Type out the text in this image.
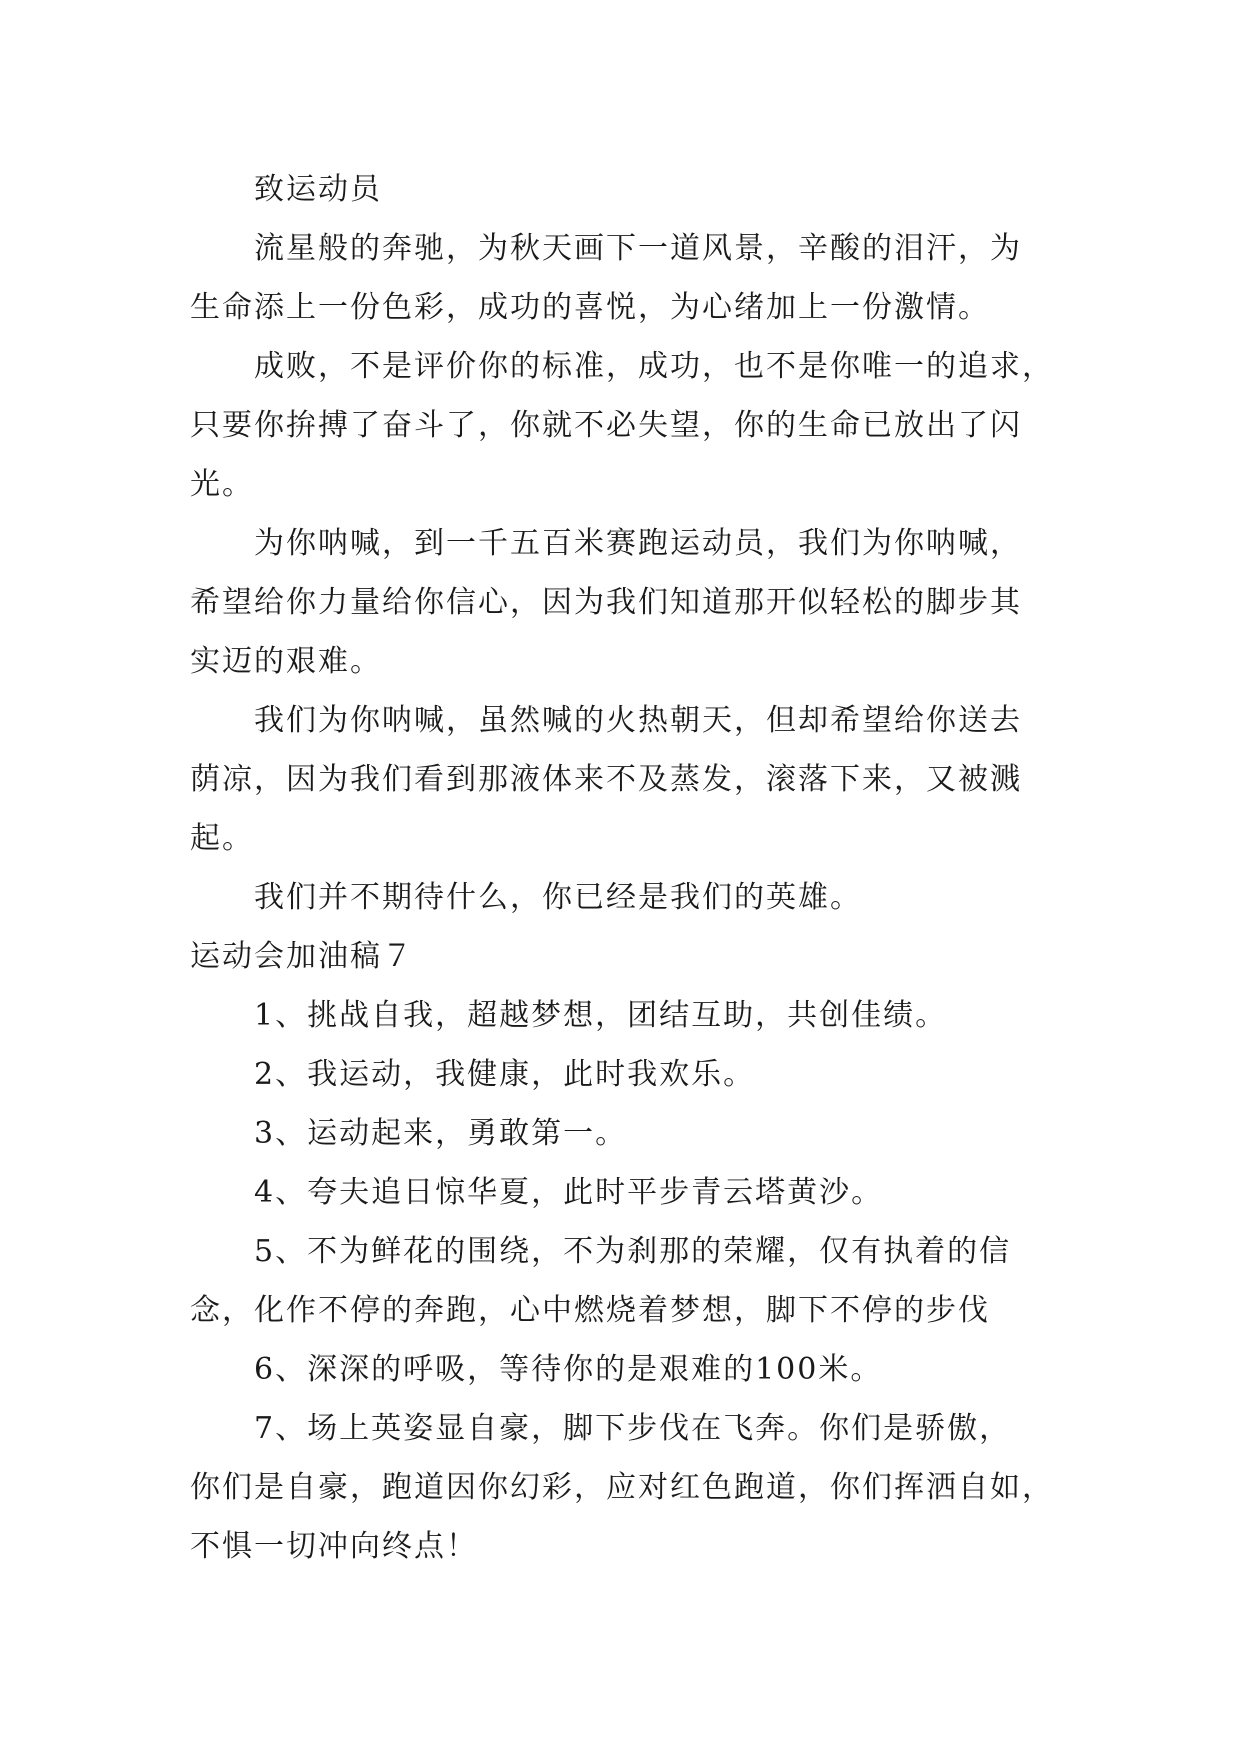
致运动员
流星般的奔驰，为秋天画下一道风景，辛酸的泪汗，为
生命添上一份色彩，成功的喜悦，为心绪加上一份激情。
成败，不是评价你的标准，成功，也不是你唯一的追求，
只要你拚搏了奋斗了，你就不必失望，你的生命已放出了闪
光。
为你呐喊，到一千五百米赛跑运动员，我们为你呐喊，
希望给你力量给你信心，因为我们知道那开似轻松的脚步其
实迈的艰难。
我们为你呐喊，虽然喊的火热朝天，但却希望给你送去
荫凉，因为我们看到那液体来不及蒸发，滚落下来，又被溅
起。
我们并不期待什么，你已经是我们的英雄。
运动会加油稿７
1、挑战自我，超越梦想，团结互助，共创佳绩。
2、我运动，我健康，此时我欢乐。
3、运动起来，勇敢第一。
4、夸夫追日惊华夏，此时平步青云塔黄沙。
5、不为鲜花的围绕，不为刹那的荣耀，仅有执着的信
念，化作不停的奔跑，心中燃烧着梦想，脚下不停的步伐
6、深深的呼吸，等待你的是艰难的100米。
7、场上英姿显自豪，脚下步伐在飞奔。你们是骄傲，
你们是自豪，跑道因你幻彩，应对红色跑道，你们挥洒自如，
不惧一切冲向终点！
